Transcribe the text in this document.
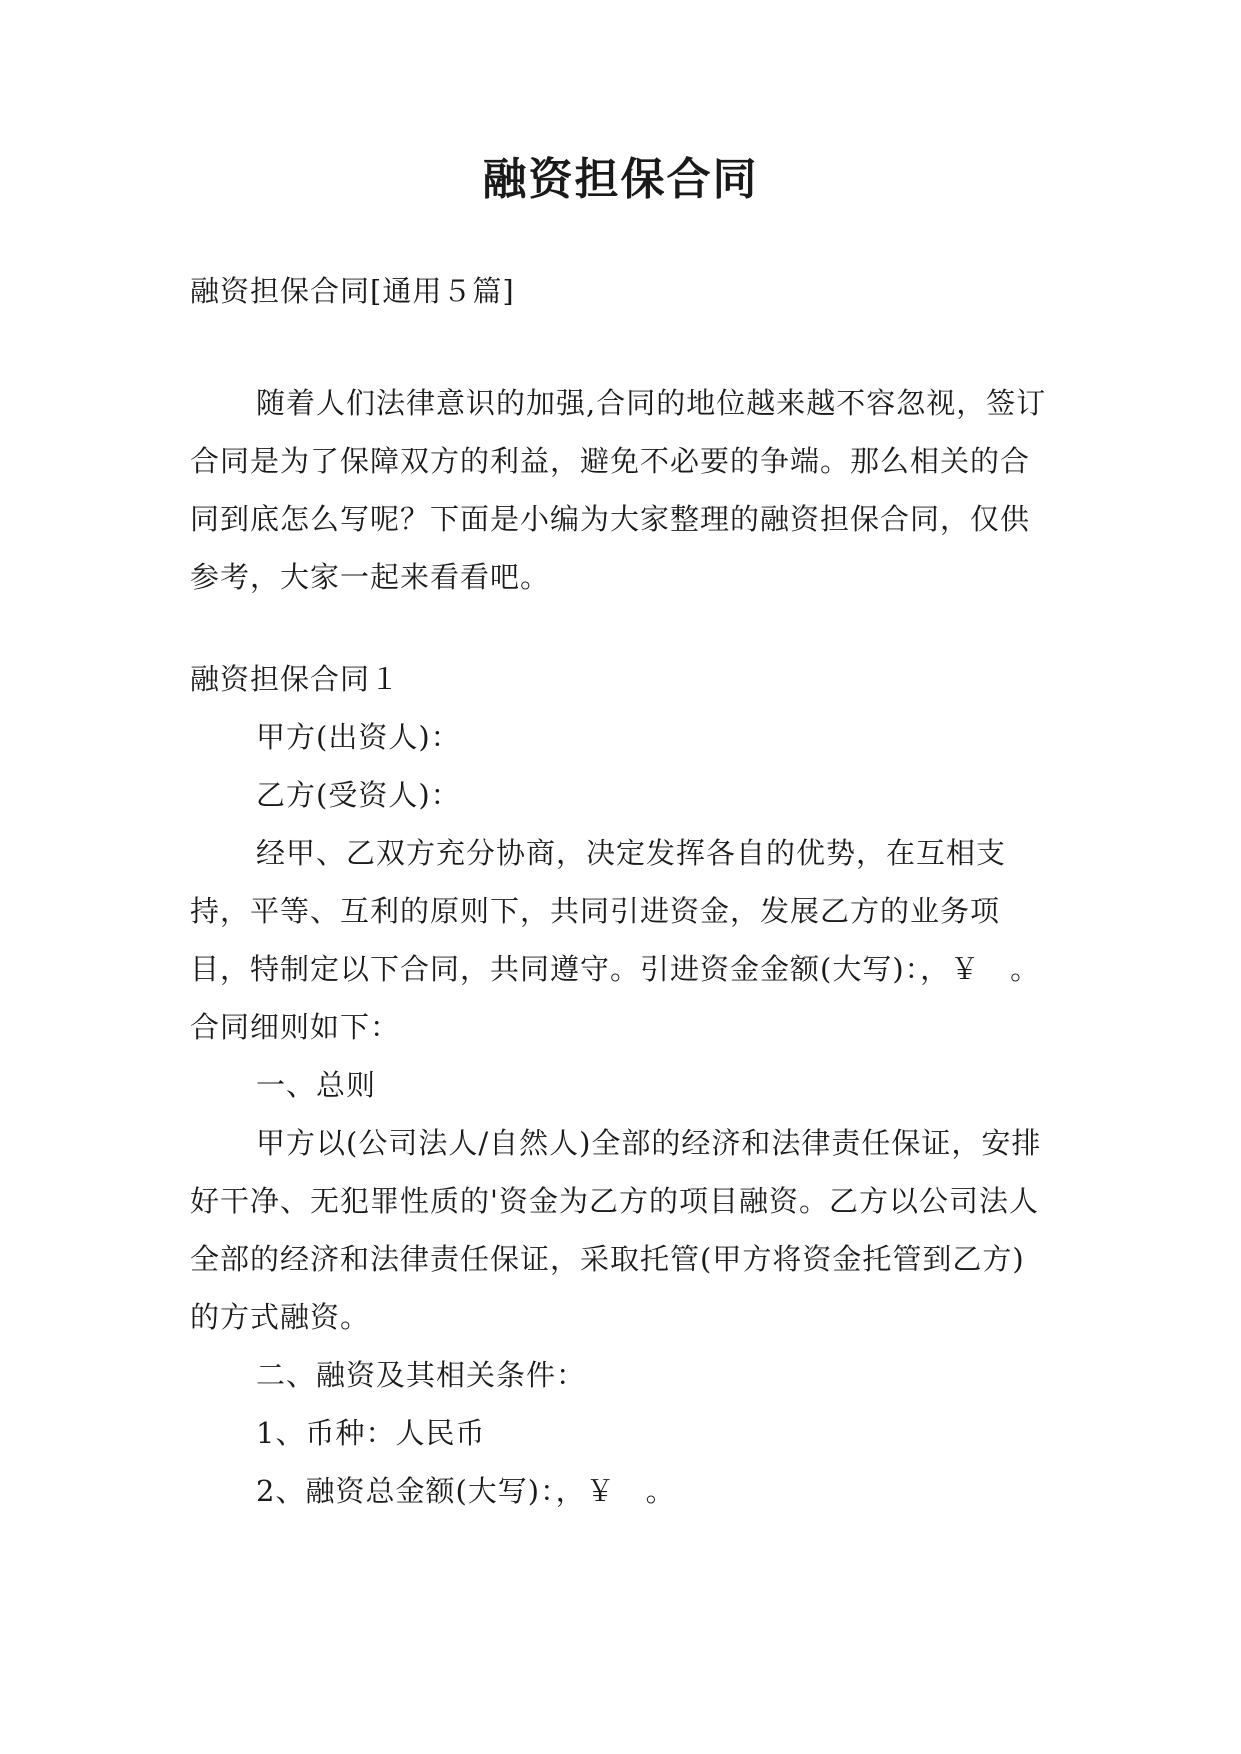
融资担保合同

融资担保合同[通用５篇]

随着人们法律意识的加强,合同的地位越来越不容忽视，签订合同是为了保障双方的利益，避免不必要的争端。那么相关的合同到底怎么写呢？下面是小编为大家整理的融资担保合同，仅供参考，大家一起来看看吧。

融资担保合同１

甲方(出资人)：

乙方(受资人)：

经甲、乙双方充分协商，决定发挥各自的优势，在互相支持，平等、互利的原则下，共同引进资金，发展乙方的业务项目，特制定以下合同，共同遵守。引进资金金额(大写)：，￥　。合同细则如下：

一、总则

甲方以(公司法人/自然人)全部的经济和法律责任保证，安排好干净、无犯罪性质的'资金为乙方的项目融资。乙方以公司法人全部的经济和法律责任保证，采取托管(甲方将资金托管到乙方)的方式融资。

二、融资及其相关条件：

1、币种：人民币

2、融资总金额(大写)：，￥　。
